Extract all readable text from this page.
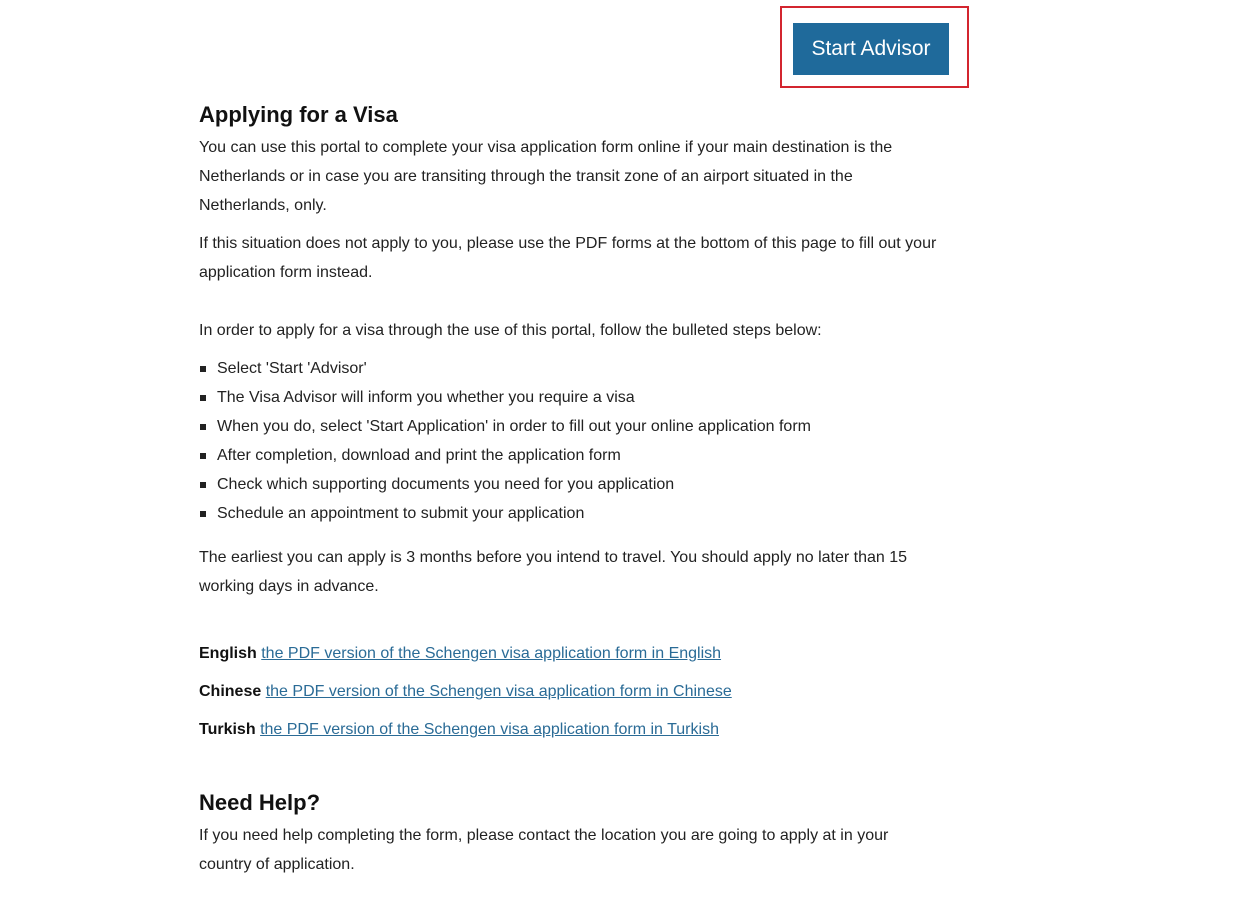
Start Advisor
Applying for a Visa

You can use this portal to complete your visa application form online if your main destination is the Netherlands or in case you are transiting through the transit zone of an airport situated in the Netherlands, only.

If this situation does not apply to you, please use the PDF forms at the bottom of this page to fill out your application form instead.

In order to apply for a visa through the use of this portal, follow the bulleted steps below:

Select 'Start 'Advisor'
The Visa Advisor will inform you whether you require a visa
When you do, select 'Start Application' in order to fill out your online application form
After completion, download and print the application form
Check which supporting documents you need for you application
Schedule an appointment to submit your application

The earliest you can apply is 3 months before you intend to travel. You should apply no later than 15 working days in advance.

English the PDF version of the Schengen visa application form in English
Chinese the PDF version of the Schengen visa application form in Chinese
Turkish the PDF version of the Schengen visa application form in Turkish
Need Help?

If you need help completing the form, please contact the location you are going to apply at in your country of application.
